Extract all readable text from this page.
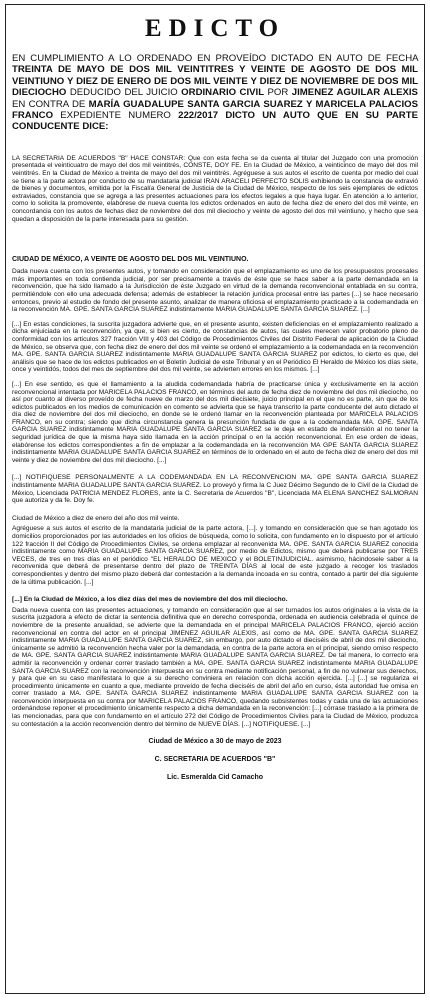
EDICTO
EN CUMPLIMIENTO A LO ORDENADO EN PROVEÍDO DICTADO EN AUTO DE FECHA TREINTA DE MAYO DE DOS MIL VEINTITRES Y VEINTE DE AGOSTO DE DOS MIL VEINTIUNO Y DIEZ DE ENERO DE DOS MIL VEINTE Y DIEZ DE NOVIEMBRE DE DOS MIL DIECIOCHO DEDUCIDO DEL JUICIO ORDINARIO CIVIL POR JIMENEZ AGUILAR ALEXIS EN CONTRA DE MARÍA GUADALUPE SANTA GARCIA SUAREZ Y MARICELA PALACIOS FRANCO EXPEDIENTE NUMERO 222/2017 DICTO UN AUTO QUE EN SU PARTE CONDUCENTE DICE:

LA SECRETARIA DE ACUERDOS "B" HACE CONSTAR: Que con esta fecha se da cuenta al titular del Juzgado con una promoción presentada el veinticuatro de mayo del dos mil veintitrés, CONSTE, DOY FE. En la Ciudad de México, a veinticinco de mayo del dos mil veintitrés. En la Ciudad de México a treinta de mayo del dos mil veintitrés. Agréguese a sus autos el escrito de cuenta por medio del cual se tiene a la parte actora por conducto de su mandataria judicial IRAN ARACELI PERFECTO SOLIS exhibiendo la constancia de extravió de bienes y documentos, emitida por la Fiscalía General de Justicia de la Ciudad de México, respecto de los seis ejemplares de edictos extraviados, constancia que se agrega a las presentes actuaciones para los efectos legales a que haya lugar. En atención a lo anterior, como lo solicita la promovente, elabórese de nueva cuenta los edictos ordenados en auto de fecha diez de enero del dos mil veinte, en concordancia con los autos de fechas diez de noviembre del dos mil dieciocho y veinte de agosto del dos mil veintiuno, y hecho que sea quedan a disposición de la parte interesada para su gestión.

CIUDAD DE MÉXICO, A VEINTE DE AGOSTO DEL DOS MIL VEINTIUNO.

Dada nueva cuenta con los presentes autos, y tomando en consideración que el emplazamiento es uno de los presupuestos procesales más importantes en toda contienda judicial, por ser precisamente a través de éste que se hace saber a la parte demandada en la reconvención, que ha sido llamado a la Jurisdicción de éste Juzgado en virtud de la demanda reconvencional entablada en su contra, permitiéndole con ello una adecuada defensa; además de establecer la relación jurídica procesal entre las partes [...] se hace necesario entonces, previo al estudio de fondo del presente asunto, analizar de manera oficiosa el emplazamiento practicado a la codemandada en la reconvención MA. GPE. SANTA GARCIA SUAREZ indistintamente MARIA GUADALUPE SANTA GARCIA SUAREZ. [...]

[...] En estas condiciones, la suscrita juzgadora advierte que, en el presente asunto, existen deficiencias en el emplazamiento realizado a dicha enjuiciada en la reconvención, ya que, si bien es cierto, de constancias de autos, las cuales merecen valor probatorio pleno de conformidad con los artículos 327 fracción VIII y 403 del Código de Procedimientos Civiles del Distrito Federal de aplicación de la Ciudad de México, se observa que, con fecha diez de enero del dos mil veinte se ordenó el emplazamiento a la codemandada en la reconvención MA. GPE. SANTA GARCIA SUAREZ indistintamente MARIA GUADALUPE SANTA GARCIA SUAREZ por edictos, lo cierto es que, del análisis que se hace de los edictos publicados en el Boletín Judicial de este Tribunal y en el Periódico El Heraldo de México los días siete, once y veintidós, todos del mes de septiembre del dos mil veinte, se advierten errores en los mismos. [...]

[...] En ese sentido, es que el llamamiento a la aludida codemandada habría de practicarse única y exclusivamente en la acción reconvencional intentada por MARICELA PALACIOS FRANCO, en términos del auto de fecha diez de noviembre del dos mil dieciocho, no así por cuanto al diverso proveído de fecha nueve de marzo del dos mil diecisiete, juicio principal en el que no es parte, sin que de los edictos publicados en los medios de comunicación en comento se advierta que se haya transcrito la parte conducente del auto dictado el día diez de noviembre del dos mil dieciocho, en donde se le ordenó llamar en la reconvención planteada por MARICELA PALACIOS FRANCO, en su contra; siendo que dicha circunstancia genera la presunción fundada de que a la codemandada MA. GPE. SANTA GARCIA SUAREZ indistintamente MARIA GUADALUPE SANTA GARCIA SUAREZ se le deja en estado de indefensión al no tener la seguridad jurídica de que la misma haya sido llamada en la acción principal o en la acción reconvencional. En ese orden de ideas, elabórense los edictos correspondientes a fin de emplazar a la codemandada en la reconvención MA GPE SANTA GARCIA SUAREZ indistintamente MARIA GUADALUPE SANTA GARCIA SUAREZ en términos de lo ordenado en el auto de fecha diez de enero del dos mil veinte y diez de noviembre del dos mil dieciocho. [...]

[...] NOTIFIQUESE PERSONALMENTE A LA CODEMANDADA EN LA RECONVENCION MA. GPE SANTA GARCIA SUAREZ indistintamente MARIA GUADALUPE SANTA GARCIA SUAREZ. Lo proveyó y firma la C Juez Décimo Segundo de lo Civil de la Ciudad de México, Licenciada PATRICIA MENDEZ FLORES, ante la C. Secretaria de Acuerdos "B", Licenciada MA ELENA SANCHEZ SALMORAN que autoriza y da fe. Doy fe.

Ciudad de México a diez de enero del año dos mil veinte.

Agréguese a sus autos el escrito de la mandataria judicial de la parte actora, [...]. y tomando en consideración que se han agotado los domicilios proporcionados por las autoridades en los oficios de búsqueda, como lo solicita, con fundamento en lo dispuesto por el artículo 122 fracción II del Código de Procedimientos Civiles, se ordena emplazar al reconvenida MA. GPE. SANTA GARCIA SUAREZ conocida indistintamente como MARIA GUADALUPE SANTA GARCIA SUAREZ, por medio de Edictos, mismo que deberá publicarse por TRES VECES, de tres en tres días en el periódico "EL HERALDO DE MEXICO y el BOLETINJUDICIAL. asimismo, hácindosele saber a la reconvenida que deberá de presentarse dentro del plazo de TREINTA DÍAS al local de este juzgado a recoger los traslados correspondientes y dentro del mismo plazo deberá dar contestación a la demanda incoada en su contra, contado a partir del día siguiente de la última publicación. [...]

[...] En la Ciudad de México, a los diez días del mes de noviembre del dos mil dieciocho.

Dada nueva cuenta con las presentes actuaciones, y tomando en consideración que al ser turnados los autos originales a la vista de la suscrita juzgadora a efecto de dictar la sentencia definitiva que en derecho corresponda, ordenada en audiencia celebrada el quince de noviembre de la presente anualidad, se advierte que la demandada en el principal MARICELA PALACIOS FRANCO, ejerció acción reconvencional en contra del actor en el principal JIMENEZ AGUILAR ALEXIS, así como de MA. GPE. SANTA GARCIA SUAREZ indistintamente MARIA GUADALUPE SANTA GARCIA SUAREZ, sin embargo, por auto dictado el dieciséis de abril de dos mil dieciocho, únicamente se admitió la reconvención hecha valer por la demandada, en contra de la parte actora en el principal, siendo omiso respecto de MA. GPE. SANTA GARCIA SUAREZ indistintamente MARIA GUADALUPE SANTA GARCIA SUAREZ. De tal manera, lo correcto era admitir la reconvención y ordenar correr traslado también a MA. GPE. SANTA GARCIA SUAREZ indistintamente MARIA GUADALUPE SANTA GARCIA SUAREZ con la reconvención interpuesta en su contra mediante notificación personal, a fin de no vulnerar sus derechos, y para que en su caso manifestara lo que a su derecho conviniera en relación con dicha acción ejercida. [...] [...] se regulariza el procedimiento únicamente en cuanto a que, mediante proveído de fecha dieciséis de abril del año en curso, ésta autoridad fue omisa en correr traslado a MA. GPE. SANTA GARCIA SUAREZ indistintamente MARIA GUADALUPE SANTA GARCIA SUAREZ con la reconvención interpuesta en su contra por MARICELA PALACIOS FRANCO, quedando subsistentes todas y cada una de las actuaciones ordenándose reponer el procedimiento únicamente respecto a dicha demandada en la reconvención: [...] córrase traslado a la primera de las mencionadas, para que con fundamento en el artículo 272 del Código de Procedimientos Civiles para la Ciudad de México, produzca su contestación a la acción reconvención dentro del término de NUEVE DÍAS. [...] NOTIFIQUESE. [...]

Ciudad de México a 30 de mayo de 2023
C. SECRETARIA DE ACUERDOS "B"
Lic. Esmeralda Cid Camacho
